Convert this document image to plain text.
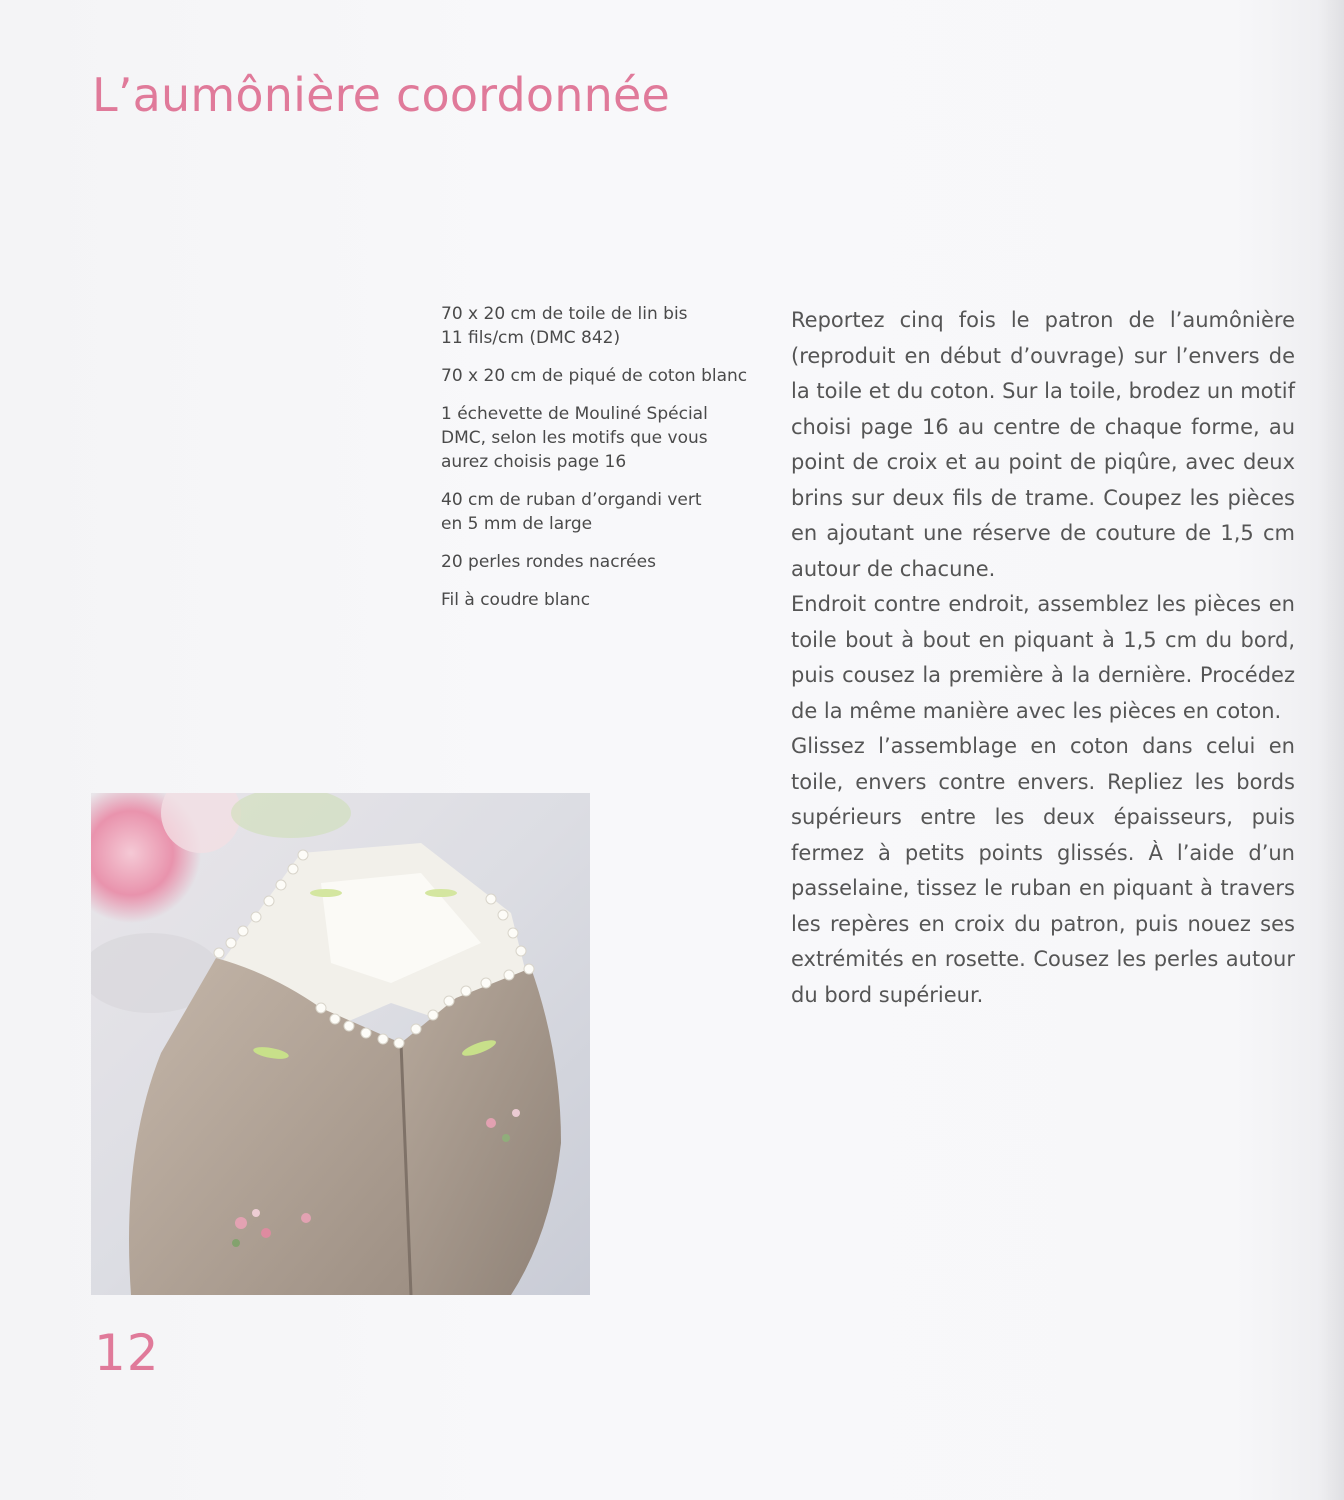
L’aumônière coordonnée
70 x 20 cm de toile de lin bis
11 fils/cm (DMC 842)
70 x 20 cm de piqué de coton blanc
1 échevette de Mouliné Spécial
DMC, selon les motifs que vous
aurez choisis page 16
40 cm de ruban d’organdi vert
en 5 mm de large
20 perles rondes nacrées
Fil à coudre blanc

Reportez cinq fois le patron de l’aumônière (reproduit en début d’ouvrage) sur l’envers de la toile et du coton. Sur la toile, brodez un motif choisi page 16 au centre de chaque forme, au point de croix et au point de piqûre, avec deux brins sur deux fils de trame. Coupez les pièces en ajoutant une réserve de couture de 1,5 cm autour de chacune.

Endroit contre endroit, assemblez les pièces en toile bout à bout en piquant à 1,5 cm du bord, puis cousez la première à la dernière. Procédez de la même manière avec les pièces en coton.

Glissez l’assemblage en coton dans celui en toile, envers contre envers. Repliez les bords supérieurs entre les deux épaisseurs, puis fermez à petits points glissés. À l’aide d’un passelaine, tissez le ruban en piquant à travers les repères en croix du patron, puis nouez ses extrémités en rosette. Cousez les perles autour du bord supérieur.

12
